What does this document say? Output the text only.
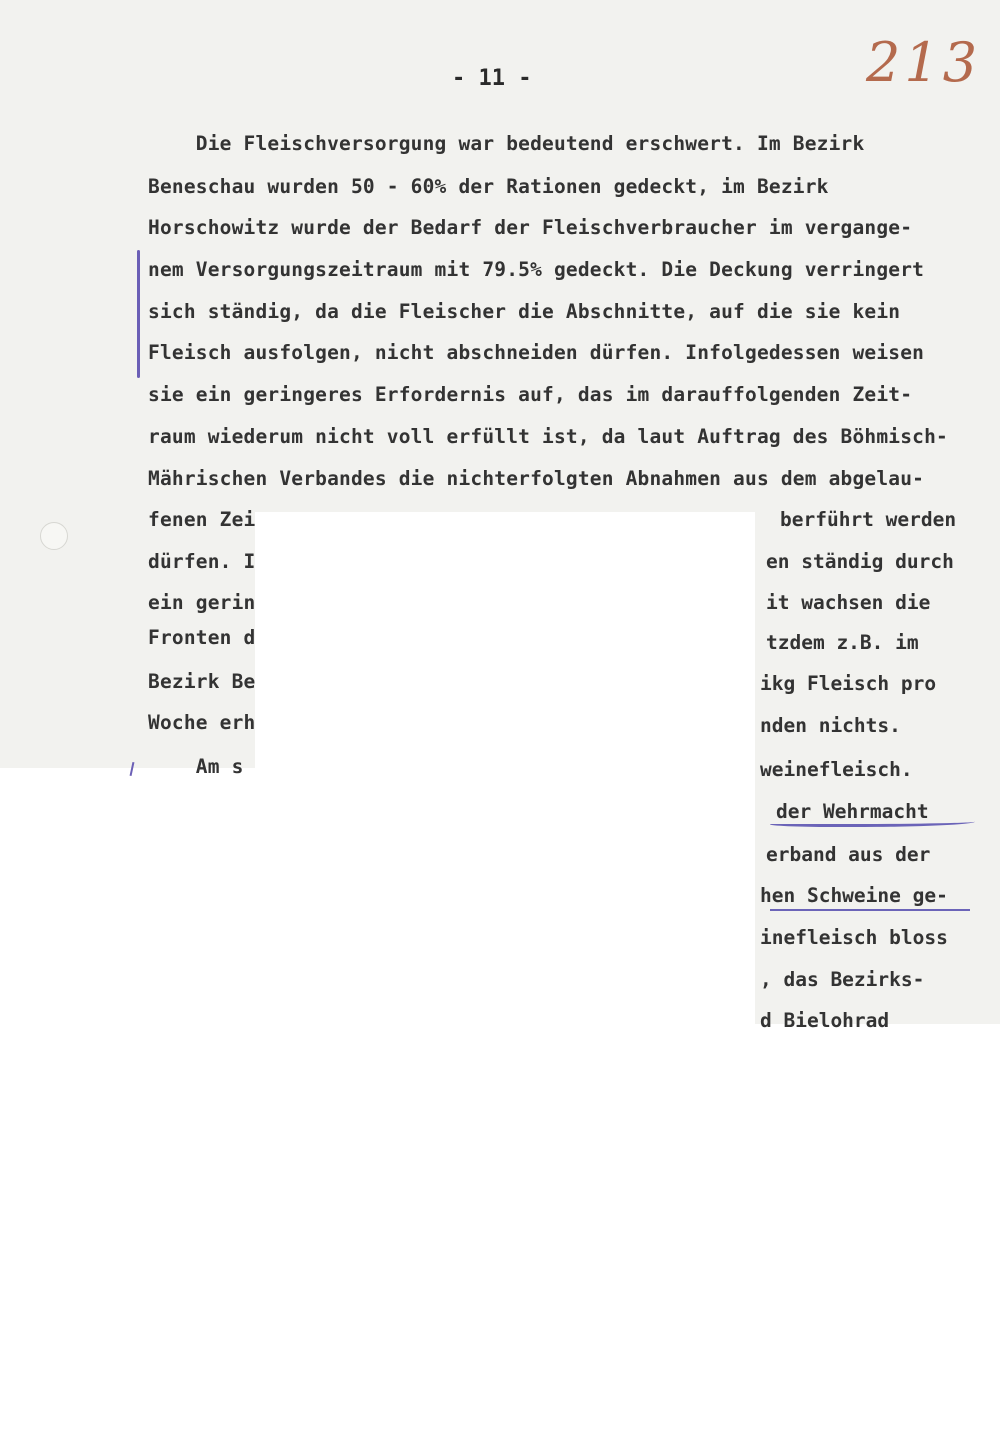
213
- 11 -
Die Fleischversorgung war bedeutend erschwert. Im Bezirk
Beneschau wurden 50 - 60% der Rationen gedeckt, im Bezirk
Horschowitz wurde der Bedarf der Fleischverbraucher im vergange-
nem Versorgungszeitraum mit 79.5% gedeckt. Die Deckung verringert
sich ständig, da die Fleischer die Abschnitte, auf die sie kein
Fleisch ausfolgen, nicht abschneiden dürfen. Infolgedessen weisen
sie ein geringeres Erfordernis auf, das im darauffolgenden Zeit-
raum wiederum nicht voll erfüllt ist, da laut Auftrag des Böhmisch-
Mährischen Verbandes die nichterfolgten Abnahmen aus dem abgelau-
fenen Zei
dürfen. I
ein gerin
Fronten d
Bezirk Be
Woche erh
Am s
berführt werden
en ständig durch
it wachsen die
tzdem z.B. im
ikg Fleisch pro
nden nichts.
weinefleisch.
der Wehrmacht
erband aus der
hen Schweine ge-
inefleisch bloss
, das Bezirks-
d Bielohrad
